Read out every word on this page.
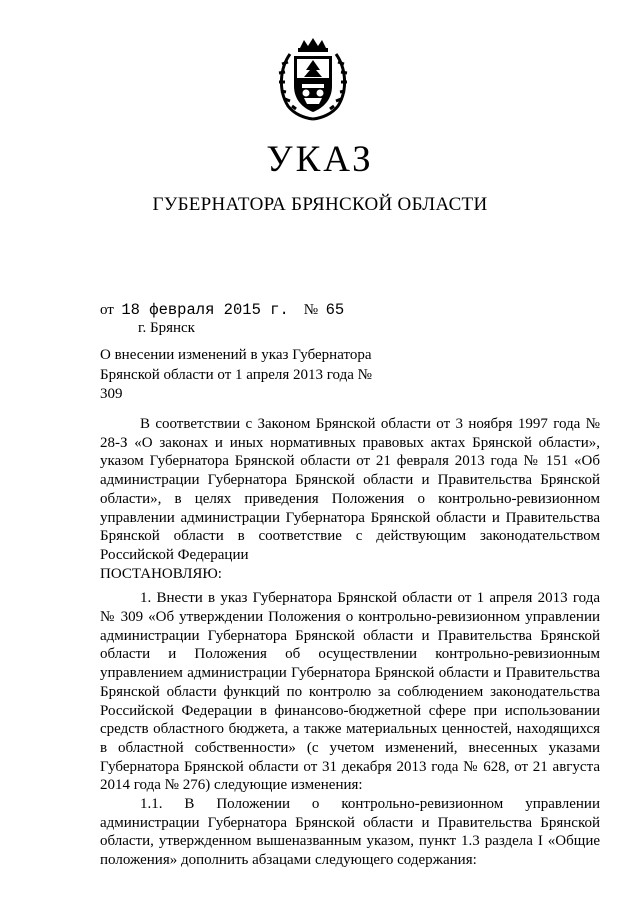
УКАЗ
ГУБЕРНАТОРА БРЯНСКОЙ ОБЛАСТИ
от 18 февраля 2015 г. № 65
г. Брянск
О внесении изменений в указ Губернатора Брянской области от 1 апреля 2013 года № 309

В соответствии с Законом Брянской области от 3 ноября 1997 года № 28-З «О законах и иных нормативных правовых актах Брянской области», указом Губернатора Брянской области от 21 февраля 2013 года № 151 «Об администрации Губернатора Брянской области и Правительства Брянской области», в целях приведения Положения о контрольно-ревизионном управлении администрации Губернатора Брянской области и Правительства Брянской области в соответствие с действующим законодательством Российской Федерации

ПОСТАНОВЛЯЮ:

1. Внести в указ Губернатора Брянской области от 1 апреля 2013 года № 309 «Об утверждении Положения о контрольно-ревизионном управлении администрации Губернатора Брянской области и Правительства Брянской области и Положения об осуществлении контрольно-ревизионным управлением администрации Губернатора Брянской области и Правительства Брянской области функций по контролю за соблюдением законодательства Российской Федерации в финансово-бюджетной сфере при использовании средств областного бюджета, а также материальных ценностей, находящихся в областной собственности» (с учетом изменений, внесенных указами Губернатора Брянской области от 31 декабря 2013 года № 628, от 21 августа 2014 года № 276) следующие изменения:

1.1. В Положении о контрольно-ревизионном управлении администрации Губернатора Брянской области и Правительства Брянской области, утвержденном вышеназванным указом, пункт 1.3 раздела I «Общие положения» дополнить абзацами следующего содержания:
